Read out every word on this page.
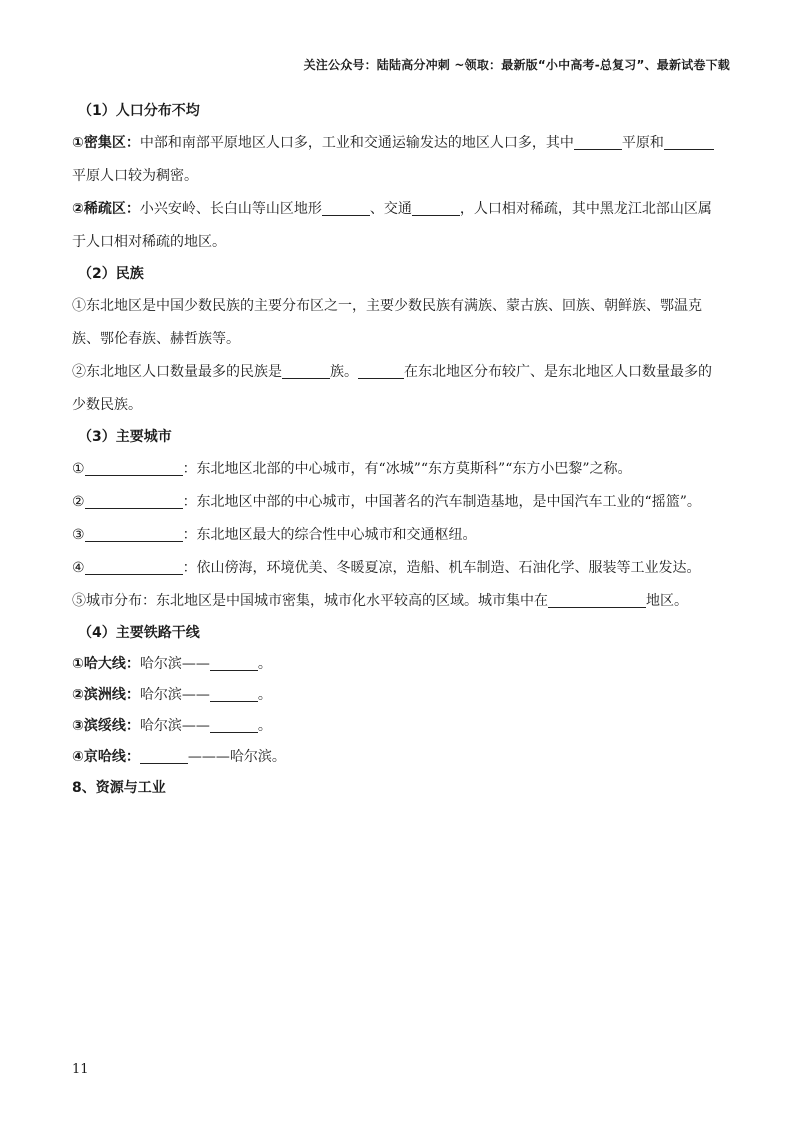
关注公众号：陆陆高分冲刺 ~领取：最新版“小中高考-总复习”、最新试卷下载
（1）人口分布不均
①密集区：中部和南部平原地区人口多，工业和交通运输发达的地区人口多，其中	平原和
平原人口较为稠密。
②稀疏区：小兴安岭、长白山等山区地形	、交通	，人口相对稀疏，其中黑龙江北部山区属
于人口相对稀疏的地区。
（2）民族
①东北地区是中国少数民族的主要分布区之一，主要少数民族有满族、蒙古族、回族、朝鲜族、鄂温克
族、鄂伦春族、赫哲族等。
②东北地区人口数量最多的民族是	族。	在东北地区分布较广、是东北地区人口数量最多的
少数民族。
（3）主要城市
①	：东北地区北部的中心城市，有“冰城”“东方莫斯科”“东方小巴黎”之称。
②	：东北地区中部的中心城市，中国著名的汽车制造基地，是中国汽车工业的“摇篮”。
③	：东北地区最大的综合性中心城市和交通枢纽。
④	：依山傍海，环境优美、冬暖夏凉，造船、机车制造、石油化学、服装等工业发达。
⑤城市分布：东北地区是中国城市密集，城市化水平较高的区域。城市集中在	地区。
（4）主要铁路干线
①哈大线：哈尔滨——	。
②滨洲线：哈尔滨——	。
③滨绥线：哈尔滨——	。
④京哈线：	———哈尔滨。
8、资源与工业
11
